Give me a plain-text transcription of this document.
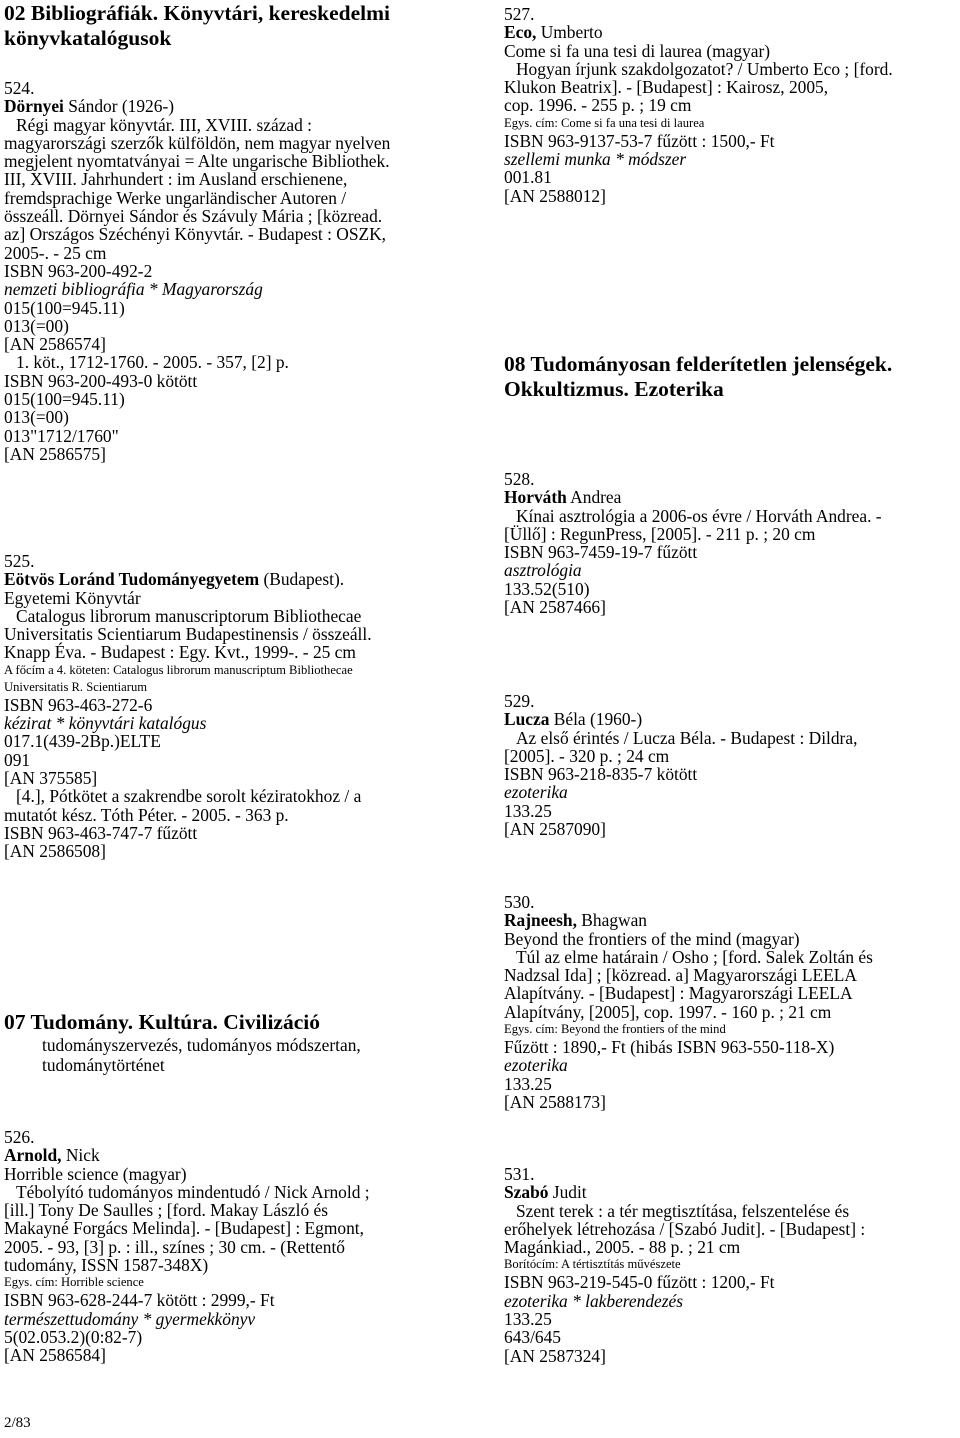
02 Bibliográfiák. Könyvtári, kereskedelmi
könyvkatalógusok
524.
Dörnyei Sándor (1926-)
Régi magyar könyvtár. III, XVIII. század :
magyarországi szerzők külföldön, nem magyar nyelven
megjelent nyomtatványai = Alte ungarische Bibliothek.
III, XVIII. Jahrhundert : im Ausland erschienene,
fremdsprachige Werke ungarländischer Autoren /
összeáll. Dörnyei Sándor és Szávuly Mária ; [közread.
az] Országos Széchényi Könyvtár. - Budapest : OSZK,
2005-. - 25 cm
ISBN 963-200-492-2
nemzeti bibliográfia * Magyarország
015(100=945.11)
013(=00)
[AN 2586574]
1. köt., 1712-1760. - 2005. - 357, [2] p.
ISBN 963-200-493-0 kötött
015(100=945.11)
013(=00)
013"1712/1760"
[AN 2586575]
525.
Eötvös Loránd Tudományegyetem (Budapest).
Egyetemi Könyvtár
Catalogus librorum manuscriptorum Bibliothecae
Universitatis Scientiarum Budapestinensis / összeáll.
Knapp Éva. - Budapest : Egy. Kvt., 1999-. - 25 cm
A főcím a 4. köteten: Catalogus librorum manuscriptum Bibliothecae
Universitatis R. Scientiarum
ISBN 963-463-272-6
kézirat * könyvtári katalógus
017.1(439-2Bp.)ELTE
091
[AN 375585]
[4.], Pótkötet a szakrendbe sorolt kéziratokhoz / a
mutatót kész. Tóth Péter. - 2005. - 363 p.
ISBN 963-463-747-7 fűzött
[AN 2586508]
07 Tudomány. Kultúra. Civilizáció
tudományszervezés, tudományos módszertan,
tudománytörténet
526.
Arnold, Nick
Horrible science (magyar)
Tébolyító tudományos mindentudó / Nick Arnold ;
[ill.] Tony De Saulles ; [ford. Makay László és
Makayné Forgács Melinda]. - [Budapest] : Egmont,
2005. - 93, [3] p. : ill., színes ; 30 cm. - (Rettentő
tudomány, ISSN 1587-348X)
Egys. cím: Horrible science
ISBN 963-628-244-7 kötött : 2999,- Ft
természettudomány * gyermekkönyv
5(02.053.2)(0:82-7)
[AN 2586584]
527.
Eco, Umberto
Come si fa una tesi di laurea (magyar)
Hogyan írjunk szakdolgozatot? / Umberto Eco ; [ford.
Klukon Beatrix]. - [Budapest] : Kairosz, 2005,
cop. 1996. - 255 p. ; 19 cm
Egys. cím: Come si fa una tesi di laurea
ISBN 963-9137-53-7 fűzött : 1500,- Ft
szellemi munka * módszer
001.81
[AN 2588012]
08 Tudományosan felderítetlen jelenségek.
Okkultizmus. Ezoterika
528.
Horváth Andrea
Kínai asztrológia a 2006-os évre / Horváth Andrea. -
[Üllő] : RegunPress, [2005]. - 211 p. ; 20 cm
ISBN 963-7459-19-7 fűzött
asztrológia
133.52(510)
[AN 2587466]
529.
Lucza Béla (1960-)
Az első érintés / Lucza Béla. - Budapest : Dildra,
[2005]. - 320 p. ; 24 cm
ISBN 963-218-835-7 kötött
ezoterika
133.25
[AN 2587090]
530.
Rajneesh, Bhagwan
Beyond the frontiers of the mind (magyar)
Túl az elme határain / Osho ; [ford. Salek Zoltán és
Nadzsal Ida] ; [közread. a] Magyarországi LEELA
Alapítvány. - [Budapest] : Magyarországi LEELA
Alapítvány, [2005], cop. 1997. - 160 p. ; 21 cm
Egys. cím: Beyond the frontiers of the mind
Fűzött : 1890,- Ft (hibás ISBN 963-550-118-X)
ezoterika
133.25
[AN 2588173]
531.
Szabó Judit
Szent terek : a tér megtisztítása, felszentelése és
erőhelyek létrehozása / [Szabó Judit]. - [Budapest] :
Magánkiad., 2005. - 88 p. ; 21 cm
Borítócím: A tértisztítás művészete
ISBN 963-219-545-0 fűzött : 1200,- Ft
ezoterika * lakberendezés
133.25
643/645
[AN 2587324]
2/83
